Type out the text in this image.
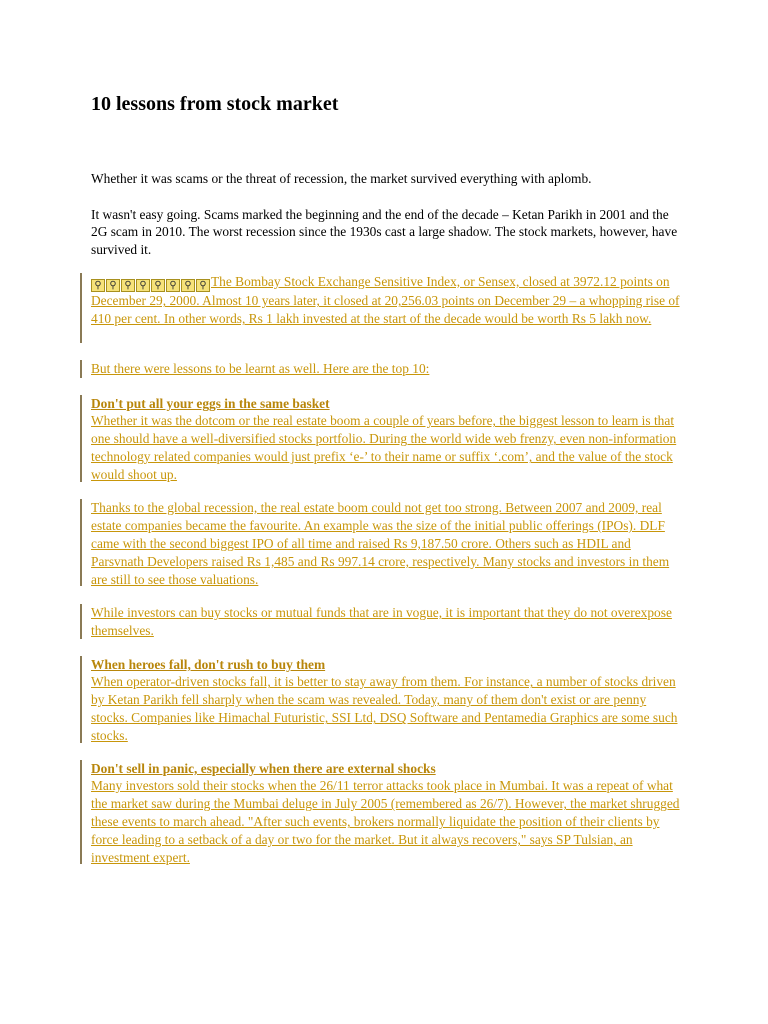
10 lessons from stock market

Whether it was scams or the threat of recession, the market survived everything with aplomb.

It wasn't easy going. Scams marked the beginning and the end of the decade – Ketan Parikh in 2001 and the 2G scam in 2010. The worst recession since the 1930s cast a large shadow. The stock markets, however, have survived it.

⚲ ⚲ ⚲ ⚲ ⚲ ⚲ ⚲ ⚲ The Bombay Stock Exchange Sensitive Index, or Sensex, closed at 3972.12 points on December 29, 2000. Almost 10 years later, it closed at 20,256.03 points on December 29 – a whopping rise of 410 per cent. In other words, Rs 1 lakh invested at the start of the decade would be worth Rs 5 lakh now.
But there were lessons to be learnt as well. Here are the top 10:
Don't put all your eggs in the same basket
Whether it was the dotcom or the real estate boom a couple of years before, the biggest lesson to learn is that one should have a well-diversified stocks portfolio. During the world wide web frenzy, even non-information technology related companies would just prefix ‘e-’ to their name or suffix ‘.com’, and the value of the stock would shoot up.
Thanks to the global recession, the real estate boom could not get too strong. Between 2007 and 2009, real estate companies became the favourite. An example was the size of the initial public offerings (IPOs). DLF came with the second biggest IPO of all time and raised Rs 9,187.50 crore. Others such as HDIL and Parsvnath Developers raised Rs 1,485 and Rs 997.14 crore, respectively. Many stocks and investors in them are still to see those valuations.
While investors can buy stocks or mutual funds that are in vogue, it is important that they do not overexpose themselves.
When heroes fall, don't rush to buy them
When operator-driven stocks fall, it is better to stay away from them. For instance, a number of stocks driven by Ketan Parikh fell sharply when the scam was revealed. Today, many of them don't exist or are penny stocks. Companies like Himachal Futuristic, SSI Ltd, DSQ Software and Pentamedia Graphics are some such stocks.
Don't sell in panic, especially when there are external shocks
Many investors sold their stocks when the 26/11 terror attacks took place in Mumbai. It was a repeat of what the market saw during the Mumbai deluge in July 2005 (remembered as 26/7). However, the market shrugged these events to march ahead. "After such events, brokers normally liquidate the position of their clients by force leading to a setback of a day or two for the market. But it always recovers," says SP Tulsian, an investment expert.
